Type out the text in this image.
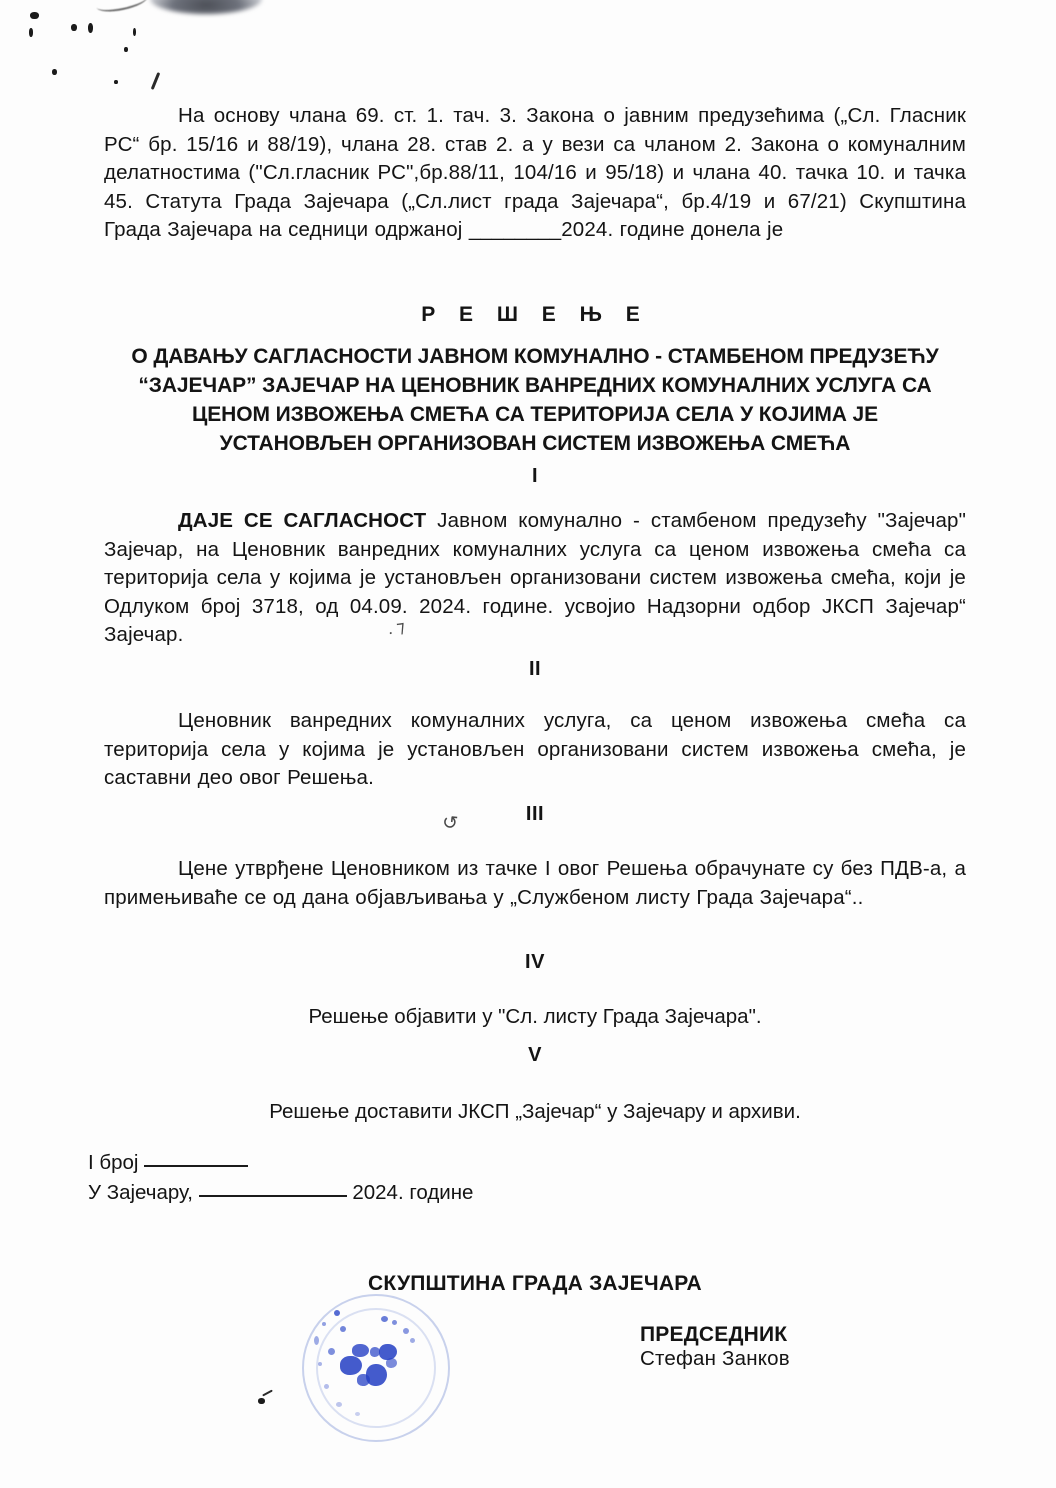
На основу члана 69. ст. 1. тач. 3. Закона о јавним предузећима („Сл. Гласник РС“ бр. 15/16 и 88/19), члана 28. став 2. а у вези са чланом 2. Закона о комуналним делатностима ("Сл.гласник РС",бр.88/11, 104/16 и 95/18) и члана 40. тачка 10. и тачка 45. Статута Града Зајечара („Сл.лист града Зајечара“, бр.4/19 и 67/21) Скупштина Града Зајечара на седници одржаној ________2024. године донела је

Р Е Ш Е Њ Е
О ДАВАЊУ САГЛАСНОСТИ ЈАВНОМ КОМУНАЛНО - СТАМБЕНОМ ПРЕДУЗЕЋУ
“ЗАЈЕЧАР” ЗАЈЕЧАР НА ЦЕНОВНИК ВАНРЕДНИХ КОМУНАЛНИХ УСЛУГА СА
ЦЕНОМ ИЗВОЖЕЊА СМЕЋА СА ТЕРИТОРИЈА СЕЛА У КОЈИМА ЈЕ
УСТАНОВЉЕН ОРГАНИЗОВАН СИСТЕМ ИЗВОЖЕЊА СМЕЋА
I

ДАЈЕ СЕ САГЛАСНОСТ Јавном комунално - стамбеном предузећу "Зајечар" Зајечар, на Ценовник ванредних комуналних услуга са ценом извожења смећа са територија села у којима је установљен организовани систем извожења смећа, који је Одлуком број 3718, од 04.09. 2024. године. усвојио Надзорни одбор ЈКСП Зајечар“ Зајечар.

II

Ценовник ванредних комуналних услуга, са ценом извожења смећа са територија села у којима је установљен организовани систем извожења смећа, је саставни део овог Решења.

III

Цене утврђене Ценовником из тачке I овог Решења обрачунате су без ПДВ-а, а примењиваће се од дана објављивања у „Службеном листу Града Зајечара“..

IV
Решење објавити у "Сл. листу Града Зајечара".
V
Решење доставити ЈКСП „Зајечар“ у Зајечару и архиви.
I број
У Зајечару,	2024. године
СКУПШТИНА ГРАДА ЗАЈЕЧАРА
ПРЕДСЕДНИК
Стефан Занков
. ⁊
↺
